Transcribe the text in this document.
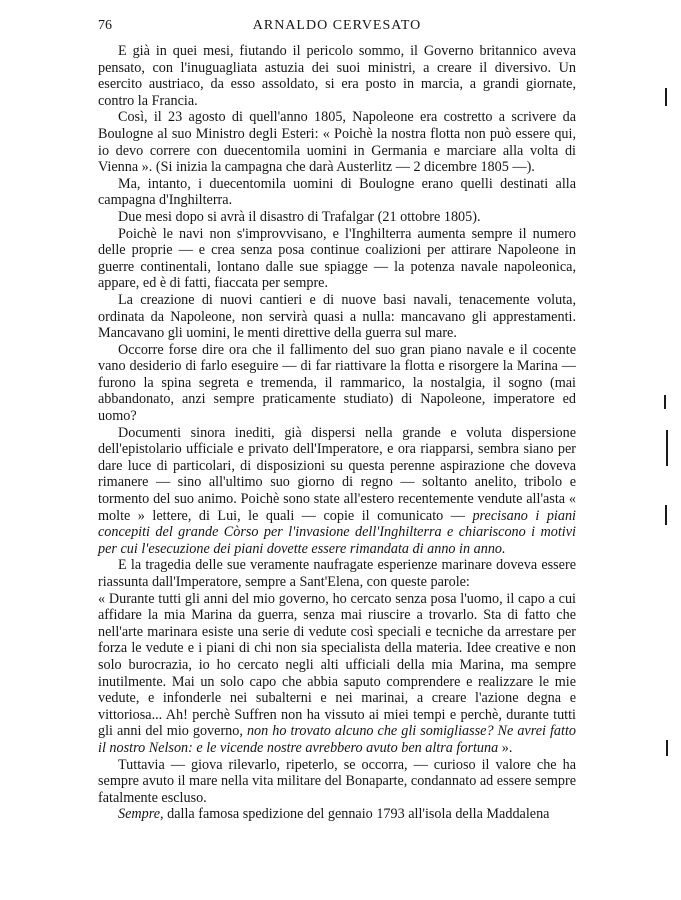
76	ARNALDO CERVESATO

E già in quei mesi, fiutando il pericolo sommo, il Governo britannico aveva pensato, con l'inuguagliata astuzia dei suoi ministri, a creare il diversivo. Un esercito austriaco, da esso assoldato, si era posto in marcia, a grandi giornate, contro la Francia.

Così, il 23 agosto di quell'anno 1805, Napoleone era costretto a scrivere da Boulogne al suo Ministro degli Esteri: « Poichè la nostra flotta non può essere qui, io devo correre con duecentomila uomini in Germania e marciare alla volta di Vienna ». (Si inizia la campagna che darà Austerlitz — 2 dicembre 1805 —).

Ma, intanto, i duecentomila uomini di Boulogne erano quelli destinati alla campagna d'Inghilterra.

Due mesi dopo si avrà il disastro di Trafalgar (21 ottobre 1805).

Poichè le navi non s'improvvisano, e l'Inghilterra aumenta sempre il numero delle proprie — e crea senza posa continue coalizioni per attirare Napoleone in guerre continentali, lontano dalle sue spiagge — la potenza navale napoleonica, appare, ed è di fatti, fiaccata per sempre.

La creazione di nuovi cantieri e di nuove basi navali, tenacemente voluta, ordinata da Napoleone, non servirà quasi a nulla: mancavano gli apprestamenti. Mancavano gli uomini, le menti direttive della guerra sul mare.

Occorre forse dire ora che il fallimento del suo gran piano navale e il cocente vano desiderio di farlo eseguire — di far riattivare la flotta e risorgere la Marina — furono la spina segreta e tremenda, il rammarico, la nostalgia, il sogno (mai abbandonato, anzi sempre praticamente studiato) di Napoleone, imperatore ed uomo?

Documenti sinora inediti, già dispersi nella grande e voluta dispersione dell'epistolario ufficiale e privato dell'Imperatore, e ora riapparsi, sembra siano per dare luce di particolari, di disposizioni su questa perenne aspirazione che doveva rimanere — sino all'ultimo suo giorno di regno — soltanto anelito, tribolo e tormento del suo animo. Poichè sono state all'estero recentemente vendute all'asta « molte » lettere, di Lui, le quali — copie il comunicato — precisano i piani concepiti del grande Còrso per l'invasione dell'Inghilterra e chiariscono i motivi per cui l'esecuzione dei piani dovette essere rimandata di anno in anno.

E la tragedia delle sue veramente naufragate esperienze marinare doveva essere riassunta dall'Imperatore, sempre a Sant'Elena, con queste parole:

« Durante tutti gli anni del mio governo, ho cercato senza posa l'uomo, il capo a cui affidare la mia Marina da guerra, senza mai riuscire a trovarlo. Sta di fatto che nell'arte marinara esiste una serie di vedute così speciali e tecniche da arrestare per forza le vedute e i piani di chi non sia specialista della materia. Idee creative e non solo burocrazia, io ho cercato negli alti ufficiali della mia Marina, ma sempre inutilmente. Mai un solo capo che abbia saputo comprendere e realizzare le mie vedute, e infonderle nei subalterni e nei marinai, a creare l'azione degna e vittoriosa... Ah! perchè Suffren non ha vissuto ai miei tempi e perchè, durante tutti gli anni del mio governo, non ho trovato alcuno che gli somigliasse? Ne avrei fatto il nostro Nelson: e le vicende nostre avrebbero avuto ben altra fortuna ».

Tuttavia — giova rilevarlo, ripeterlo, se occorra, — curioso il valore che ha sempre avuto il mare nella vita militare del Bonaparte, condannato ad essere sempre fatalmente escluso.

Sempre, dalla famosa spedizione del gennaio 1793 all'isola della Maddalena
